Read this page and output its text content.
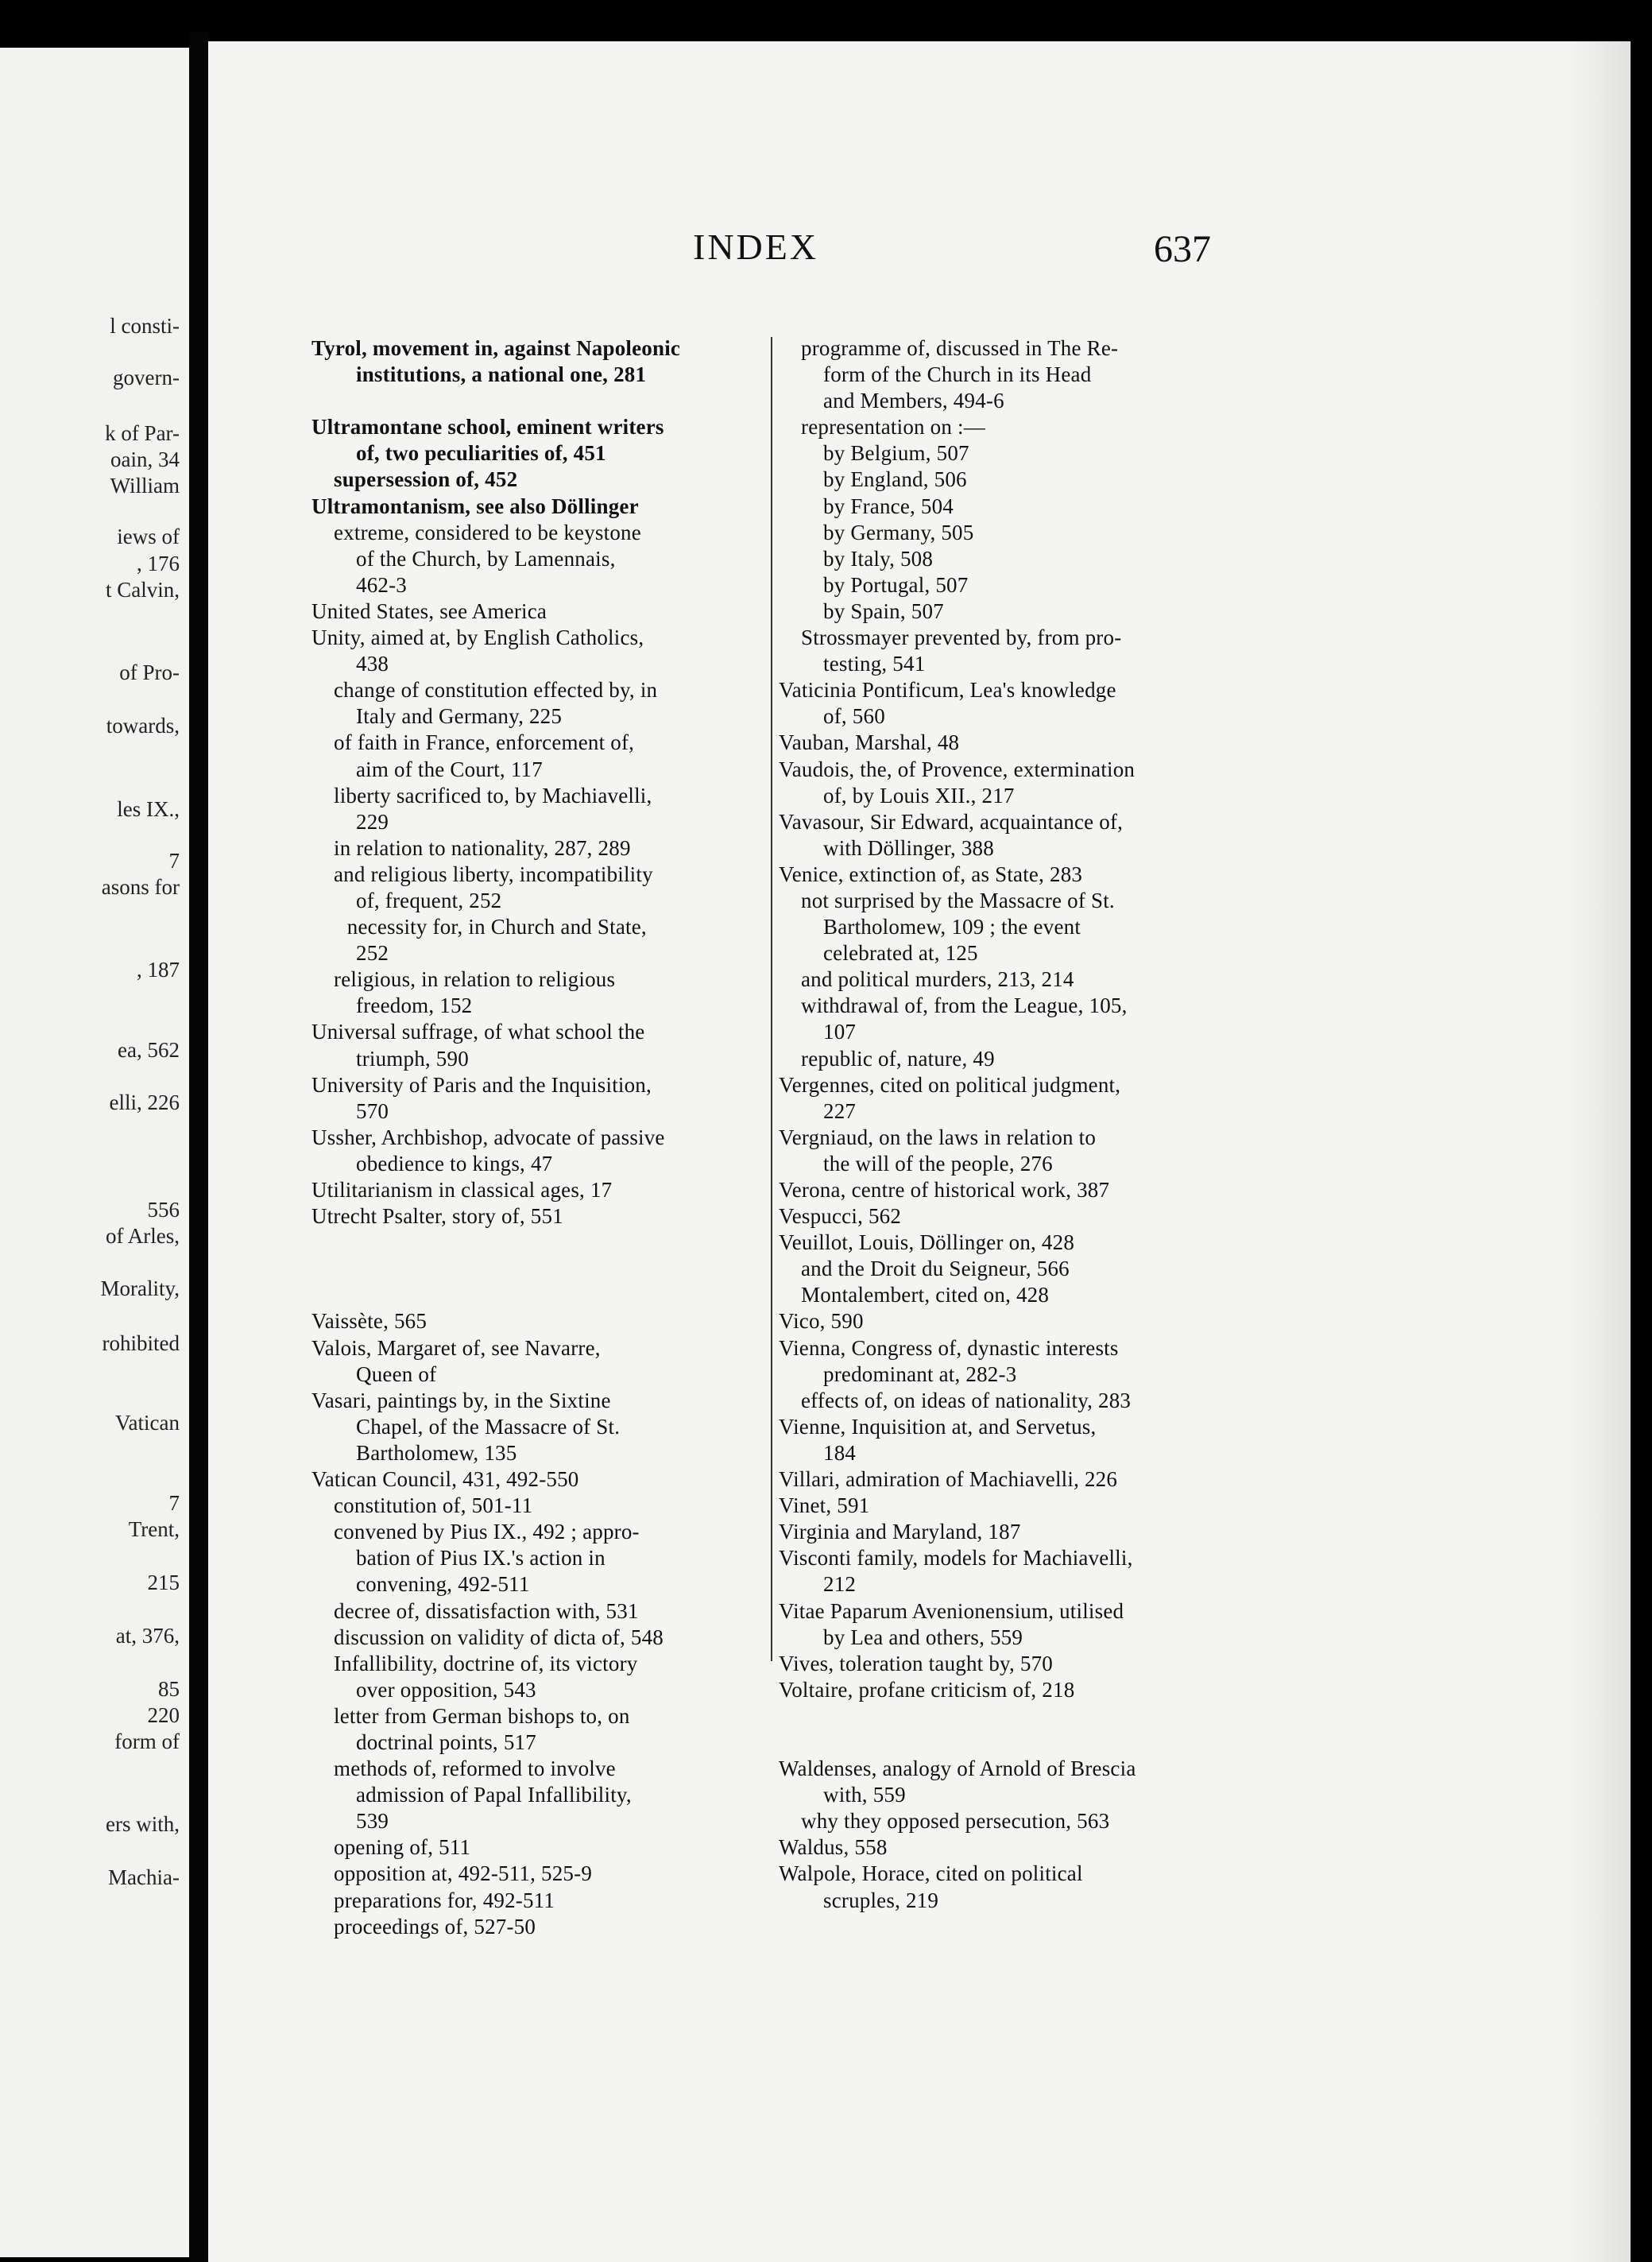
l consti-
govern-
k of Par-
oain, 34
William
iews of
, 176
t Calvin,
of Pro-
towards,
les IX.,
7
asons for
, 187
ea, 562
elli, 226
556
of Arles,
Morality,
rohibited
Vatican
7
Trent,
215
at, 376,
85
220
form of
ers with,
Machia-
INDEX	637
Tyrol, movement in, against Napoleonic
institutions, a national one, 281
Ultramontane school, eminent writers
of, two peculiarities of, 451
supersession of, 452
Ultramontanism, see also Döllinger
extreme, considered to be keystone
of the Church, by Lamennais,
462-3
United States, see America
Unity, aimed at, by English Catholics,
438
change of constitution effected by, in
Italy and Germany, 225
of faith in France, enforcement of,
aim of the Court, 117
liberty sacrificed to, by Machiavelli,
229
in relation to nationality, 287, 289
and religious liberty, incompatibility
of, frequent, 252
necessity for, in Church and State,
252
religious, in relation to religious
freedom, 152
Universal suffrage, of what school the
triumph, 590
University of Paris and the Inquisition,
570
Ussher, Archbishop, advocate of passive
obedience to kings, 47
Utilitarianism in classical ages, 17
Utrecht Psalter, story of, 551
Vaissète, 565
Valois, Margaret of, see Navarre,
Queen of
Vasari, paintings by, in the Sixtine
Chapel, of the Massacre of St.
Bartholomew, 135
Vatican Council, 431, 492-550
constitution of, 501-11
convened by Pius IX., 492 ; appro-
bation of Pius IX.'s action in
convening, 492-511
decree of, dissatisfaction with, 531
discussion on validity of dicta of, 548
Infallibility, doctrine of, its victory
over opposition, 543
letter from German bishops to, on
doctrinal points, 517
methods of, reformed to involve
admission of Papal Infallibility,
539
opening of, 511
opposition at, 492-511, 525-9
preparations for, 492-511
proceedings of, 527-50
programme of, discussed in The Re-
form of the Church in its Head
and Members, 494-6
representation on :—
by Belgium, 507
by England, 506
by France, 504
by Germany, 505
by Italy, 508
by Portugal, 507
by Spain, 507
Strossmayer prevented by, from pro-
testing, 541
Vaticinia Pontificum, Lea's knowledge
of, 560
Vauban, Marshal, 48
Vaudois, the, of Provence, extermination
of, by Louis XII., 217
Vavasour, Sir Edward, acquaintance of,
with Döllinger, 388
Venice, extinction of, as State, 283
not surprised by the Massacre of St.
Bartholomew, 109 ; the event
celebrated at, 125
and political murders, 213, 214
withdrawal of, from the League, 105,
107
republic of, nature, 49
Vergennes, cited on political judgment,
227
Vergniaud, on the laws in relation to
the will of the people, 276
Verona, centre of historical work, 387
Vespucci, 562
Veuillot, Louis, Döllinger on, 428
and the Droit du Seigneur, 566
Montalembert, cited on, 428
Vico, 590
Vienna, Congress of, dynastic interests
predominant at, 282-3
effects of, on ideas of nationality, 283
Vienne, Inquisition at, and Servetus,
184
Villari, admiration of Machiavelli, 226
Vinet, 591
Virginia and Maryland, 187
Visconti family, models for Machiavelli,
212
Vitae Paparum Avenionensium, utilised
by Lea and others, 559
Vives, toleration taught by, 570
Voltaire, profane criticism of, 218
Waldenses, analogy of Arnold of Brescia
with, 559
why they opposed persecution, 563
Waldus, 558
Walpole, Horace, cited on political
scruples, 219
